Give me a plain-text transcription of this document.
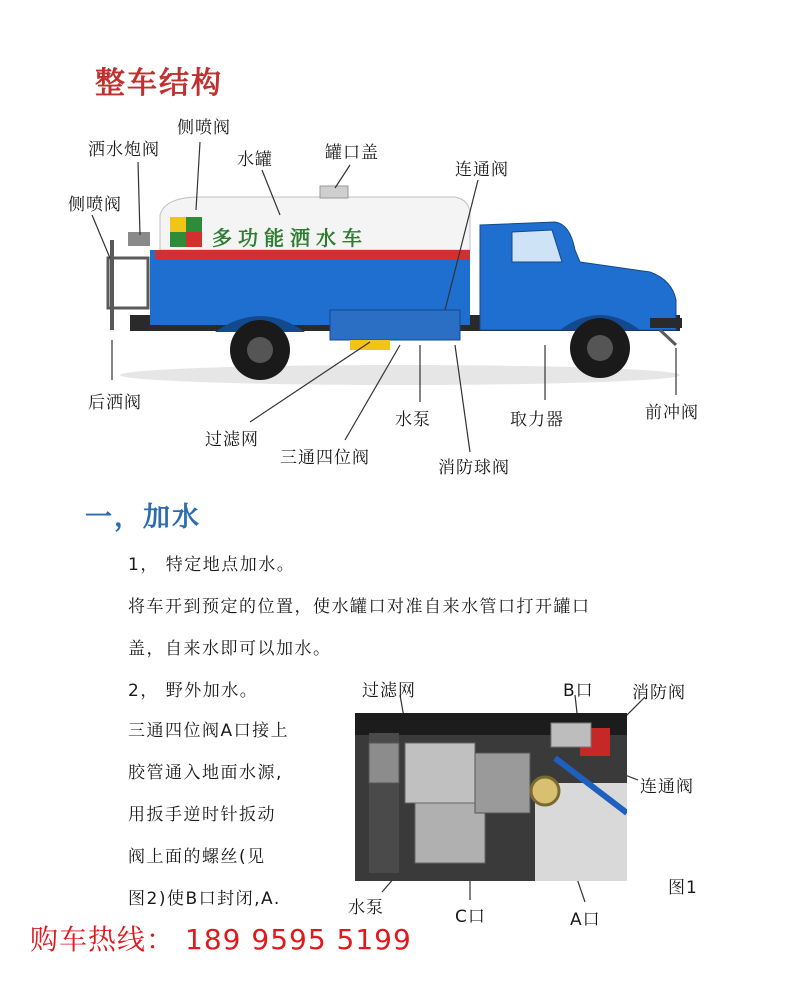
整车结构
多功能洒水车
侧喷阀
洒水炮阀	水罐	罐口盖
连通阀
侧喷阀
后洒阀
过滤网
水泵	取力器	前冲阀
三通四位阀	消防球阀
一，加水
1， 特定地点加水。
将车开到预定的位置，使水罐口对准自来水管口打开罐口
盖，自来水即可以加水。
2， 野外加水。
三通四位阀A口接上
胶管通入地面水源,
用扳手逆时针扳动
阀上面的螺丝(见
图2)使B口封闭,A.
过滤网	B口 消防阀
连通阀
水泵	C口	A口
图1
购车热线： 189 9595 5199
